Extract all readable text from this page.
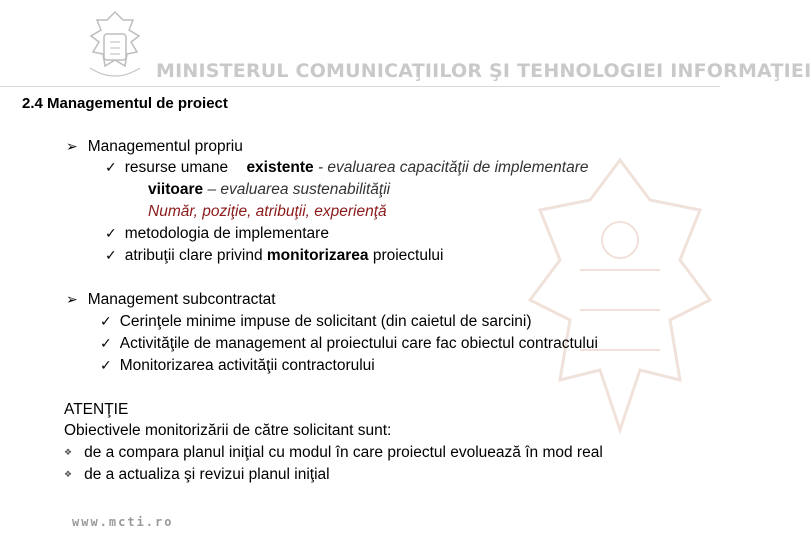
MINISTERUL COMUNICAŢIILOR ŞI TEHNOLOGIEI INFORMAŢIEI
2.4 Managementul de proiect
➢ Managementul propriu
✓ resurse umane existente - evaluarea capacităţii de implementare
viitoare – evaluarea sustenabilităţii
Număr, poziţie, atribuţii, experienţă
✓ metodologia de implementare
✓ atribuţii clare privind monitorizarea proiectului
➢ Management subcontractat
✓ Cerinţele minime impuse de solicitant (din caietul de sarcini)
✓ Activităţile de management al proiectului care fac obiectul contractului
✓ Monitorizarea activităţii contractorului
ATENŢIE
Obiectivele monitorizării de către solicitant sunt:
❖ de a compara planul iniţial cu modul în care proiectul evoluează în mod real
❖ de a actualiza şi revizui planul iniţial
www.mcti.ro
